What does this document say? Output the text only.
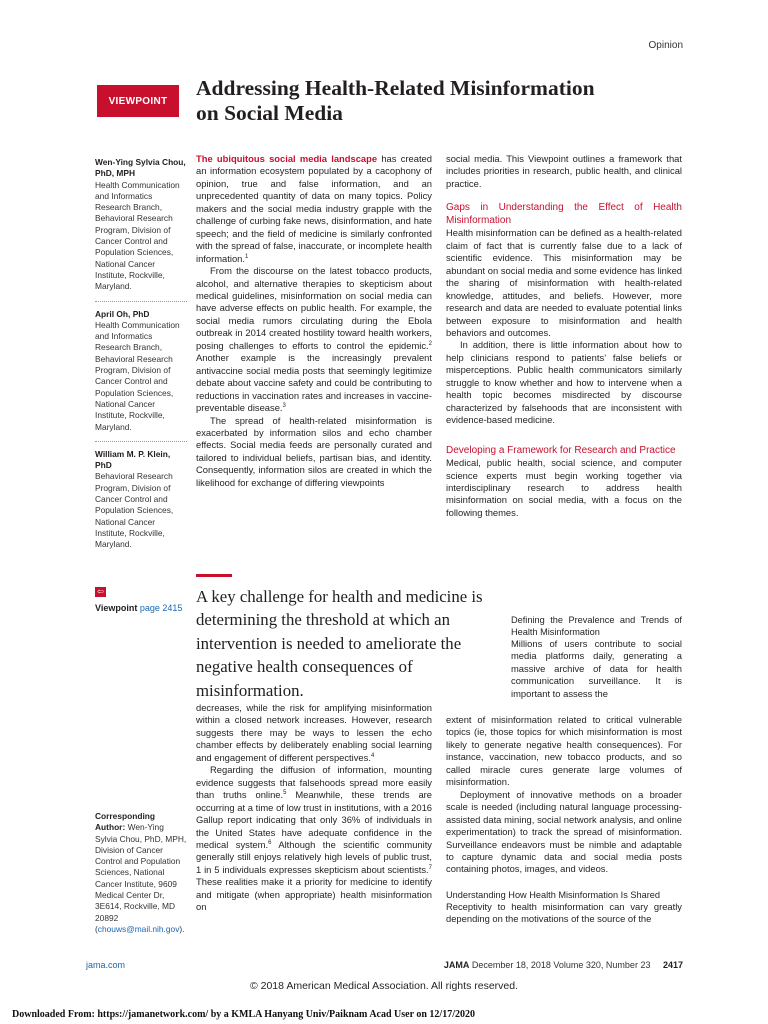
Opinion
VIEWPOINT
Addressing Health-Related Misinformation
on Social Media
Wen-Ying Sylvia Chou, PhD, MPH
Health Communication and Informatics Research Branch, Behavioral Research Program, Division of Cancer Control and Population Sciences, National Cancer Institute, Rockville, Maryland.
April Oh, PhD
Health Communication and Informatics Research Branch, Behavioral Research Program, Division of Cancer Control and Population Sciences, National Cancer Institute, Rockville, Maryland.
William M. P. Klein, PhD
Behavioral Research Program, Division of Cancer Control and Population Sciences, National Cancer Institute, Rockville, Maryland.
⇦
Viewpoint page 2415
Corresponding Author: Wen-Ying Sylvia Chou, PhD, MPH, Division of Cancer Control and Population Sciences, National Cancer Institute, 9609 Medical Center Dr, 3E614, Rockville, MD 20892 (chouws@mail.nih.gov).

The ubiquitous social media landscape has created an information ecosystem populated by a cacophony of opinion, true and false information, and an unprecedented quantity of data on many topics. Policy makers and the social media industry grapple with the challenge of curbing fake news, disinformation, and hate speech; and the field of medicine is similarly confronted with the spread of false, inaccurate, or incomplete health information.$^1$

From the discourse on the latest tobacco products, alcohol, and alternative therapies to skepticism about medical guidelines, misinformation on social media can have adverse effects on public health. For example, the social media rumors circulating during the Ebola outbreak in 2014 created hostility toward health workers, posing challenges to efforts to control the epidemic.$^2$ Another example is the increasingly prevalent antivaccine social media posts that seemingly legitimize debate about vaccine safety and could be contributing to reductions in vaccination rates and increases in vaccine-preventable disease.$^3$

The spread of health-related misinformation is exacerbated by information silos and echo chamber effects. Social media feeds are personally curated and tailored to individual beliefs, partisan bias, and identity. Consequently, information silos are created in which the likelihood for exchange of differing viewpoints

A key challenge for health and medicine is determining the threshold at which an intervention is needed to ameliorate the negative health consequences of misinformation.

decreases, while the risk for amplifying misinformation within a closed network increases. However, research suggests there may be ways to lessen the echo chamber effects by deliberately enabling social learning and engagement of different perspectives.$^4$

Regarding the diffusion of information, mounting evidence suggests that falsehoods spread more easily than truths online.$^5$ Meanwhile, these trends are occurring at a time of low trust in institutions, with a 2016 Gallup report indicating that only 36% of individuals in the United States have adequate confidence in the medical system.$^6$ Although the scientific community generally still enjoys relatively high levels of public trust, 1 in 5 individuals expresses skepticism about scientists.$^7$ These realities make it a priority for medicine to identify and mitigate (when appropriate) health misinformation on

social media. This Viewpoint outlines a framework that includes priorities in research, public health, and clinical practice.

Gaps in Understanding the Effect of Health Misinformation

Health misinformation can be defined as a health-related claim of fact that is currently false due to a lack of scientific evidence. This misinformation may be abundant on social media and some evidence has linked the sharing of misinformation with health-related knowledge, attitudes, and beliefs. However, more research and data are needed to evaluate potential links between exposure to misinformation and health behaviors and outcomes.

In addition, there is little information about how to help clinicians respond to patients’ false beliefs or misperceptions. Public health communicators similarly struggle to know whether and how to intervene when a health topic becomes misdirected by discourse characterized by falsehoods that are inconsistent with evidence-based medicine.

Developing a Framework for Research and Practice

Medical, public health, social science, and computer science experts must begin working together via interdisciplinary research to address health misinformation on social media, with a focus on the following themes.

Defining the Prevalence and Trends of Health Misinformation

Millions of users contribute to social media platforms daily, generating a massive archive of data for health communication surveillance. It is important to assess the

extent of misinformation related to critical vulnerable topics (ie, those topics for which misinformation is most likely to generate negative health consequences). For instance, vaccination, new tobacco products, and so called miracle cures generate large volumes of misinformation.

Deployment of innovative methods on a broader scale is needed (including natural language processing-assisted data mining, social network analysis, and online experimentation) to track the spread of misinformation. Surveillance endeavors must be nimble and adaptable to capture dynamic data and social media posts containing photos, images, and videos.

Understanding How Health Misinformation Is Shared

Receptivity to health misinformation can vary greatly depending on the motivations of the source of the

jama.com	JAMA December 18, 2018 Volume 320, Number 23 2417
© 2018 American Medical Association. All rights reserved.
Downloaded From: https://jamanetwork.com/ by a KMLA Hanyang Univ/Paiknam Acad User on 12/17/2020
